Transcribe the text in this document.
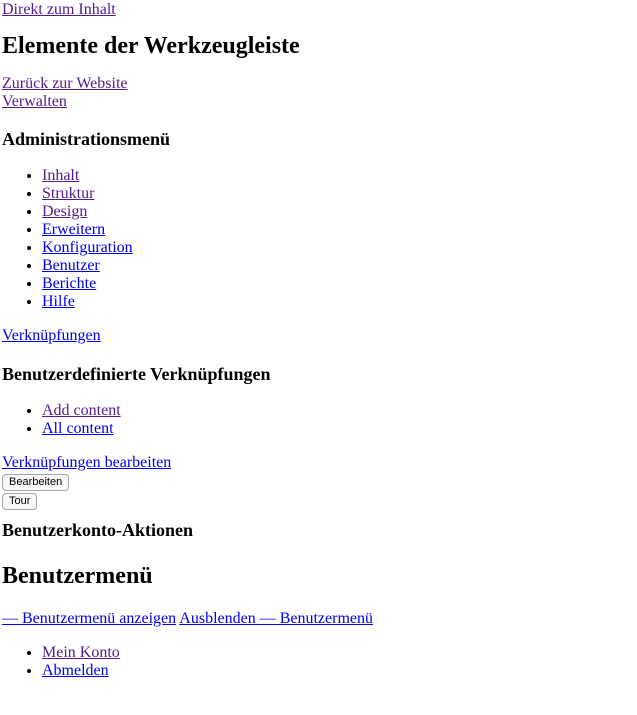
Direkt zum Inhalt
Elemente der Werkzeugleiste
Zurück zur Website
Verwalten
Administrationsmenü
• Inhalt
• Struktur
• Design
• Erweitern
• Konfiguration
• Benutzer
• Berichte
• Hilfe
Verknüpfungen
Benutzerdefinierte Verknüpfungen
• Add content
• All content
Verknüpfungen bearbeiten
Bearbeiten
Tour
Benutzerkonto-Aktionen
Benutzermenü
— Benutzermenü anzeigen Ausblenden — Benutzermenü
• Mein Konto
• Abmelden
